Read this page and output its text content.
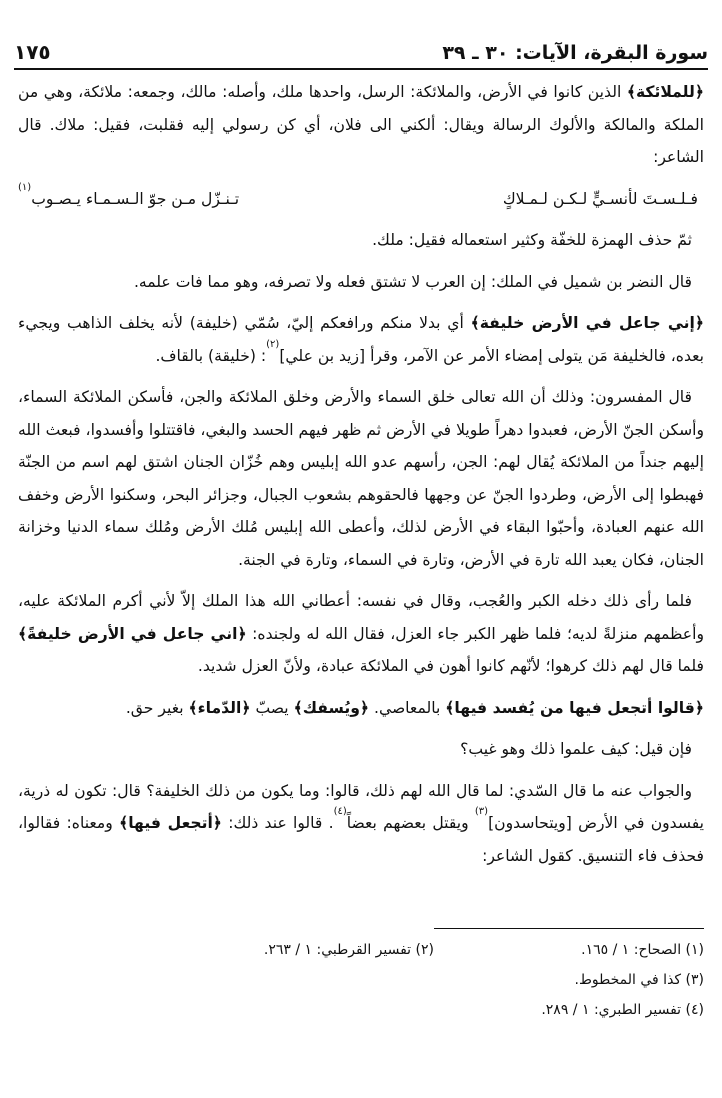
سورة البقرة، الآيات: ٣٠ ـ ٣٩
١٧٥

﴿للملائكة﴾ الذين كانوا في الأرض، والملائكة: الرسل، واحدها ملك، وأصله: مالك، وجمعه: ملائكة، وهي من الملكة والمالكة والألوك الرسالة ويقال: ألكني الى فلان، أي كن رسولي إليه فقلبت، فقيل: ملاك. قال الشاعر:

فـلـسـتَ لأنسـيٍّ لـكـن لـمـلاكٍ
تـنـزّل مـن جوّ الـسـمـاء يـصـوب$^{(١)}$

ثمّ حذف الهمزة للخفّة وكثير استعماله فقيل: ملك.

قال النضر بن شميل في الملك: إن العرب لا تشتق فعله ولا تصرفه، وهو مما فات علمه.

﴿إني جاعل في الأرض خليفة﴾ أي بدلا منكم ورافعكم إليّ، سُمّي (خليفة) لأنه يخلف الذاهب ويجيء بعده، فالخليفة مَن يتولى إمضاء الأمر عن الآمر، وقرأ [زيد بن علي]$^{(٢)}$: (خليقة) بالقاف.

قال المفسرون: وذلك أن الله تعالى خلق السماء والأرض وخلق الملائكة والجن، فأسكن الملائكة السماء، وأسكن الجنّ الأرض، فعبدوا دهراً طويلا في الأرض ثم ظهر فيهم الحسد والبغي، فاقتتلوا وأفسدوا، فبعث الله إليهم جنداً من الملائكة يُقال لهم: الجن، رأسهم عدو الله إبليس وهم خُزّان الجنان اشتق لهم اسم من الجنّة فهبطوا إلى الأرض، وطردوا الجنّ عن وجهها فالحقوهم بشعوب الجبال، وجزائر البحر، وسكنوا الأرض وخفف الله عنهم العبادة، وأحبّوا البقاء في الأرض لذلك، وأعطى الله إبليس مُلك الأرض ومُلك سماء الدنيا وخزانة الجنان، فكان يعبد الله تارة في الأرض، وتارة في السماء، وتارة في الجنة.

فلما رأى ذلك دخله الكبر والعُجب، وقال في نفسه: أعطاني الله هذا الملك إلاّ لأني أكرم الملائكة عليه، وأعظمهم منزلةً لديه؛ فلما ظهر الكبر جاء العزل، فقال الله له ولجنده: ﴿اني جاعل في الأرض خليفةً﴾ فلما قال لهم ذلك كرهوا؛ لأنّهم كانوا أهون في الملائكة عبادة، ولأنّ العزل شديد.

﴿قالوا أتجعل فيها من يُفسد فيها﴾ بالمعاصي. ﴿ويُسفك﴾ يصبّ ﴿الدّماء﴾ بغير حق.

فإن قيل: كيف علموا ذلك وهو غيب؟

والجواب عنه ما قال السّدي: لما قال الله لهم ذلك، قالوا: وما يكون من ذلك الخليفة؟ قال: تكون له ذرية، يفسدون في الأرض [ويتحاسدون]$^{(٣)}$ ويقتل بعضهم بعضاً$^{(٤)}$. قالوا عند ذلك: ﴿أتجعل فيها﴾ ومعناه: فقالوا، فحذف فاء التنسيق. كقول الشاعر:

(١) الصحاح: ١ / ١٦٥.
(٢) تفسير القرطبي: ١ / ٢٦٣.
(٣) كذا في المخطوط.
(٤) تفسير الطبري: ١ / ٢٨٩.
